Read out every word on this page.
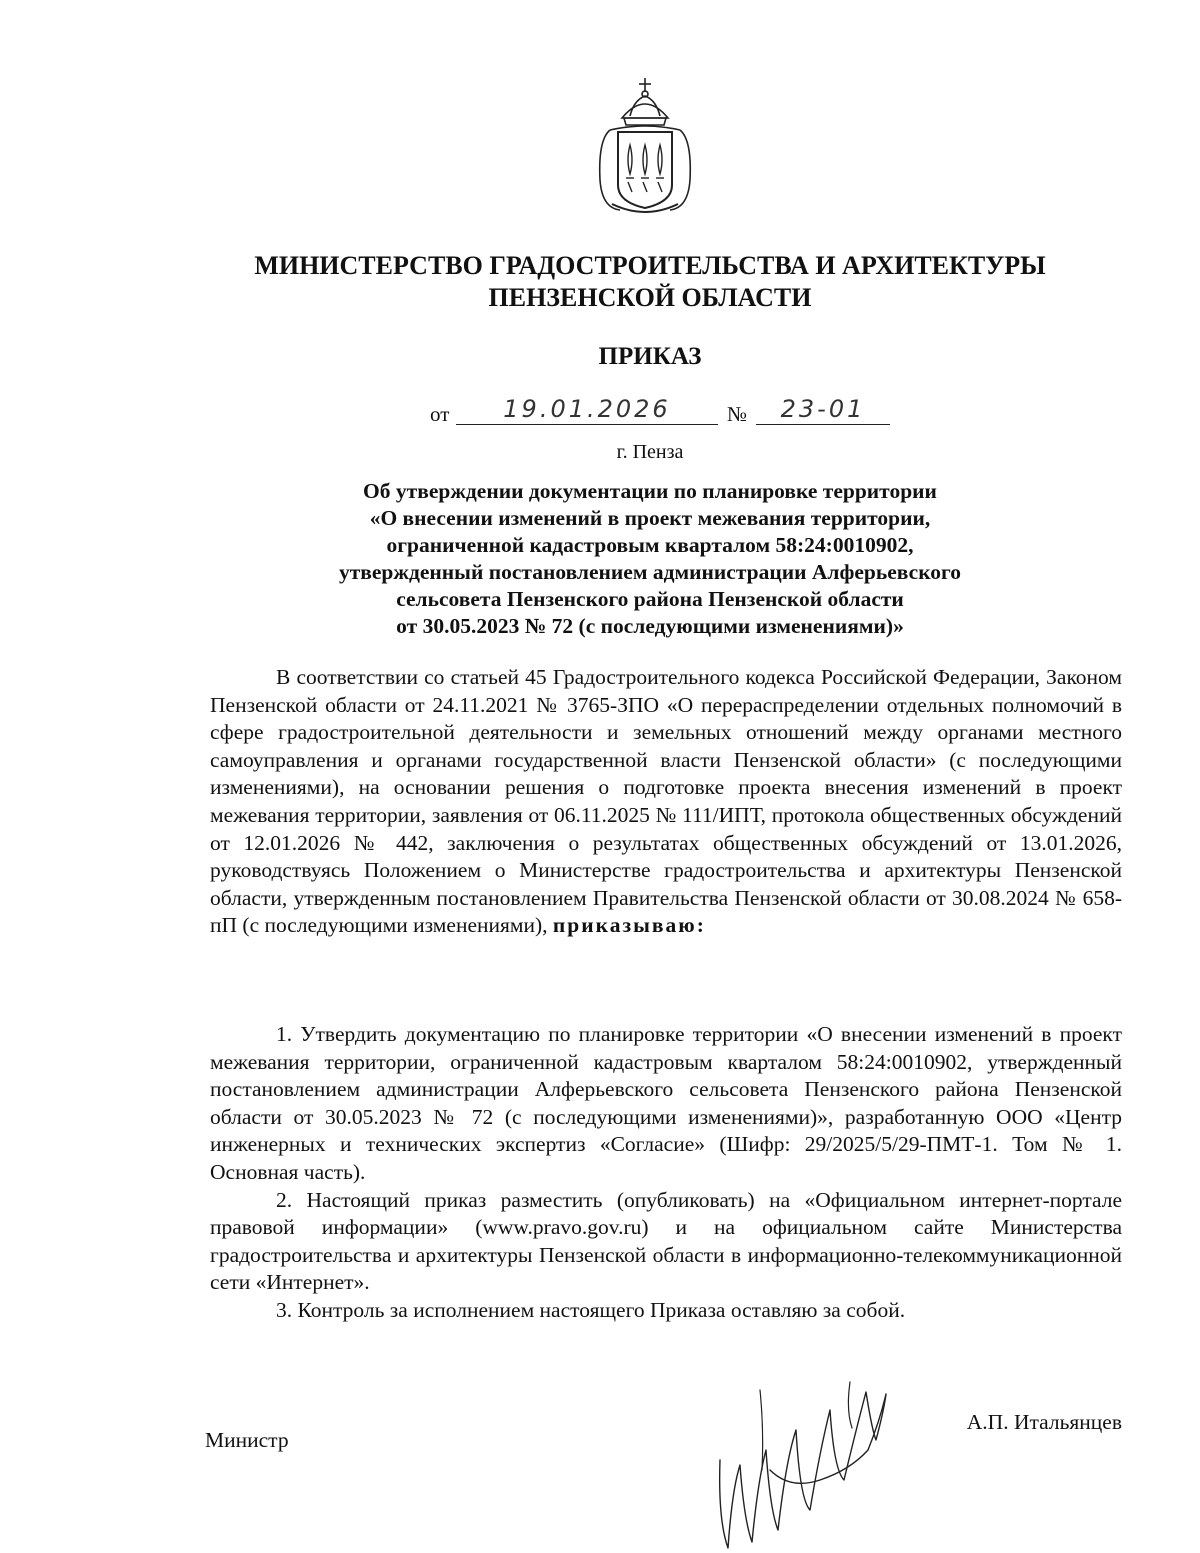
МИНИСТЕРСТВО ГРАДОСТРОИТЕЛЬСТВА И АРХИТЕКТУРЫ
ПЕНЗЕНСКОЙ ОБЛАСТИ
ПРИКАЗ
от	19.01.2026	№	23-01
г. Пенза
Об утверждении документации по планировке территории
«О внесении изменений в проект межевания территории,
ограниченной кадастровым кварталом 58:24:0010902,
утвержденный постановлением администрации Алферьевского
сельсовета Пензенского района Пензенской области
от 30.05.2023 № 72 (с последующими изменениями)»

В соответствии со статьей 45 Градостроительного кодекса Российской Федерации, Законом Пензенской области от 24.11.2021 № 3765-ЗПО «О перераспределении отдельных полномочий в сфере градостроительной деятельности и земельных отношений между органами местного самоуправления и органами государственной власти Пензенской области» (с последующими изменениями), на основании решения о подготовке проекта внесения изменений в проект межевания территории, заявления от 06.11.2025 № 111/ИПТ, протокола общественных обсуждений от 12.01.2026 № 442, заключения о результатах общественных обсуждений от 13.01.2026, руководствуясь Положением о Министерстве градостроительства и архитектуры Пензенской области, утвержденным постановлением Правительства Пензенской области от 30.08.2024 № 658-пП (с последующими изменениями), приказываю:

1. Утвердить документацию по планировке территории «О внесении изменений в проект межевания территории, ограниченной кадастровым кварталом 58:24:0010902, утвержденный постановлением администрации Алферьевского сельсовета Пензенского района Пензенской области от 30.05.2023 № 72 (с последующими изменениями)», разработанную ООО «Центр инженерных и технических экспертиз «Согласие» (Шифр: 29/2025/5/29-ПМТ-1. Том № 1. Основная часть).

2. Настоящий приказ разместить (опубликовать) на «Официальном интернет-портале правовой информации» (www.pravo.gov.ru) и на официальном сайте Министерства градостроительства и архитектуры Пензенской области в информационно-телекоммуникационной сети «Интернет».

3. Контроль за исполнением настоящего Приказа оставляю за собой.

Министр
А.П. Итальянцев
